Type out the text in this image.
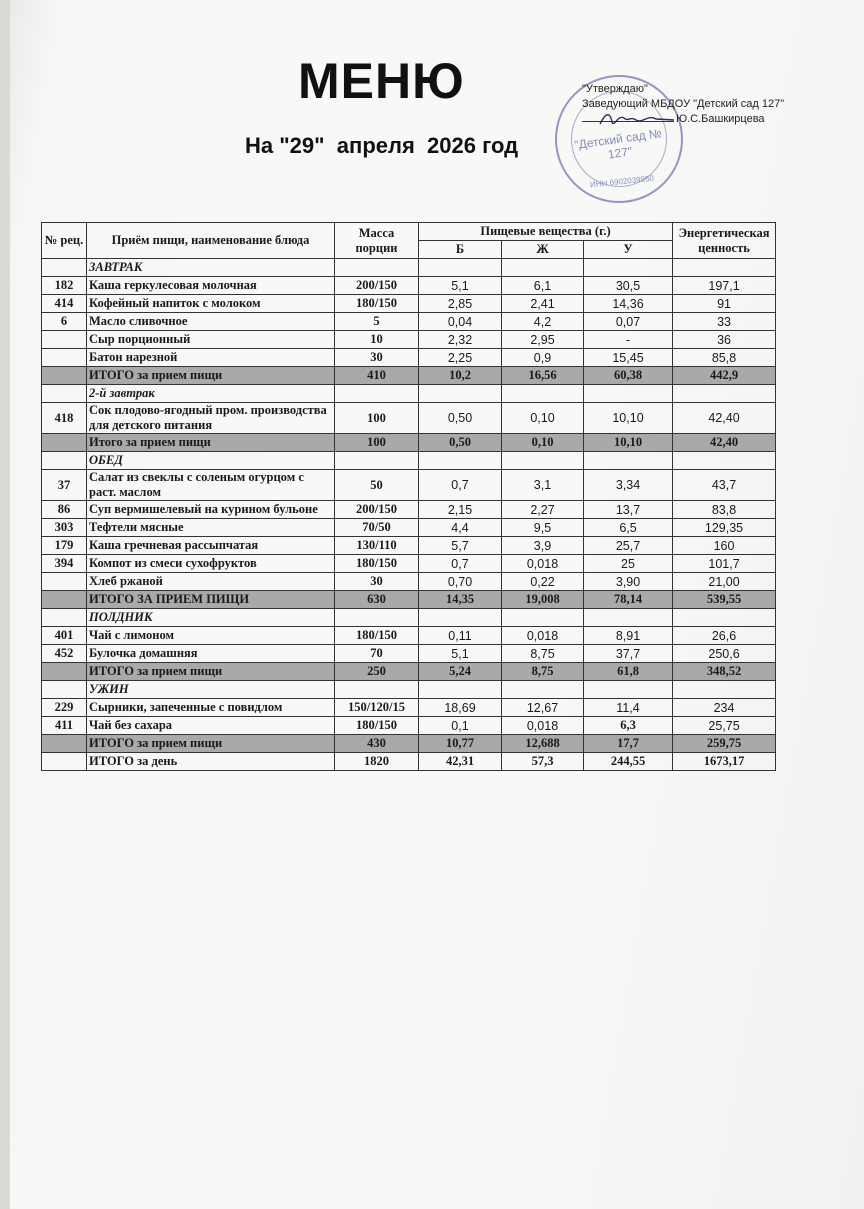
МЕНЮ
На "29"  апреля  2026 год	"Детский сад № 127"
ИНН 6902039950
"Утверждаю"
Заведующий МБДОУ "Детский сад 127"
Ю.С.Башкирцева
№ рец.	Приём пищи, наименование блюда	Масса порции	Пищевые вещества (г.)			Энергетическая ценность
			Б	Ж	У	
	ЗАВТРАК					
182	Каша геркулесовая молочная	200/150	5,1	6,1	30,5	197,1
414	Кофейный напиток с молоком	180/150	2,85	2,41	14,36	91
6	Масло сливочное	5	0,04	4,2	0,07	33
	Сыр порционный	10	2,32	2,95	-	36
	Батон нарезной	30	2,25	0,9	15,45	85,8
	ИТОГО за прием пищи	410	10,2	16,56	60,38	442,9
	2-й завтрак					
418	Сок плодово-ягодный пром. производства для детского питания	100	0,50	0,10	10,10	42,40
	Итого за прием пищи	100	0,50	0,10	10,10	42,40
	ОБЕД					
37	Салат из свеклы с соленым огурцом с раст. маслом	50	0,7	3,1	3,34	43,7
86	Суп вермишелевый на курином бульоне	200/150	2,15	2,27	13,7	83,8
303	Тефтели мясные	70/50	4,4	9,5	6,5	129,35
179	Каша гречневая рассыпчатая	130/110	5,7	3,9	25,7	160
394	Компот из смеси сухофруктов	180/150	0,7	0,018	25	101,7
	Хлеб ржаной	30	0,70	0,22	3,90	21,00
	ИТОГО ЗА ПРИЕМ ПИЩИ	630	14,35	19,008	78,14	539,55
	ПОЛДНИК					
401	Чай с лимоном	180/150	0,11	0,018	8,91	26,6
452	Булочка домашняя	70	5,1	8,75	37,7	250,6
	ИТОГО за прием пищи	250	5,24	8,75	61,8	348,52
	УЖИН					
229	Сырники, запеченные с повидлом	150/120/15	18,69	12,67	11,4	234
411	Чай без сахара	180/150	0,1	0,018	6,3	25,75
	ИТОГО за прием пищи	430	10,77	12,688	17,7	259,75
	ИТОГО за день	1820	42,31	57,3	244,55	1673,17
